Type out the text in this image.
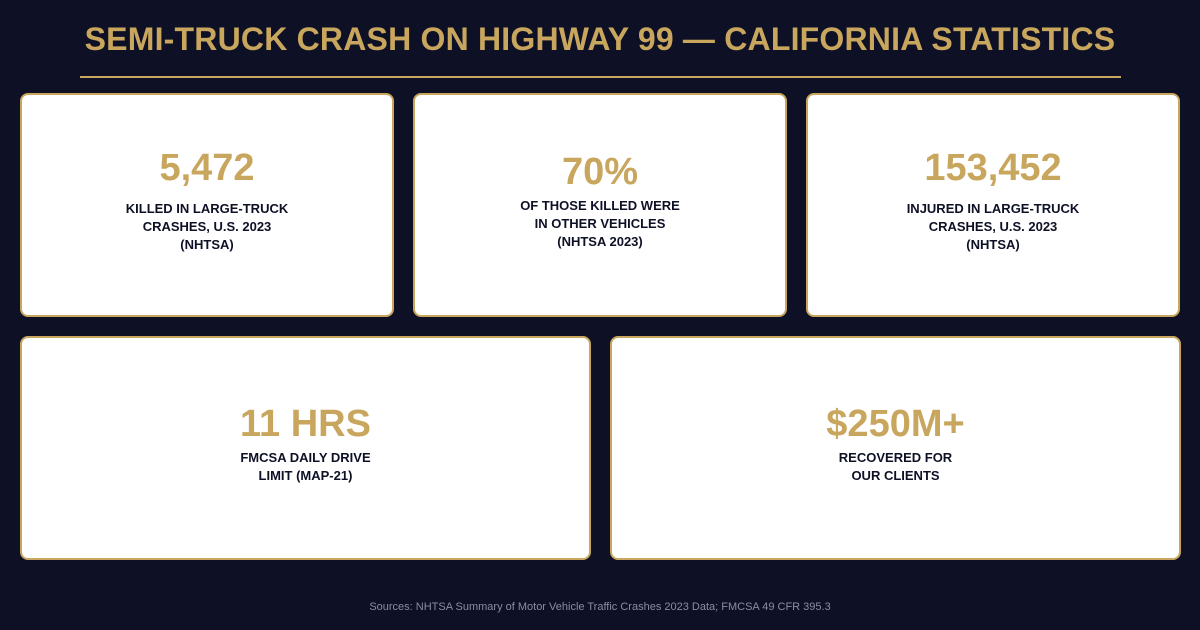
SEMI-TRUCK CRASH ON HIGHWAY 99 — CALIFORNIA STATISTICS
5,472
KILLED IN LARGE-TRUCK
CRASHES, U.S. 2023
(NHTSA)
70%
OF THOSE KILLED WERE
IN OTHER VEHICLES
(NHTSA 2023)
153,452
INJURED IN LARGE-TRUCK
CRASHES, U.S. 2023
(NHTSA)
11 HRS
FMCSA DAILY DRIVE
LIMIT (MAP-21)
$250M+
RECOVERED FOR
OUR CLIENTS
Sources: NHTSA Summary of Motor Vehicle Traffic Crashes 2023 Data; FMCSA 49 CFR 395.3
